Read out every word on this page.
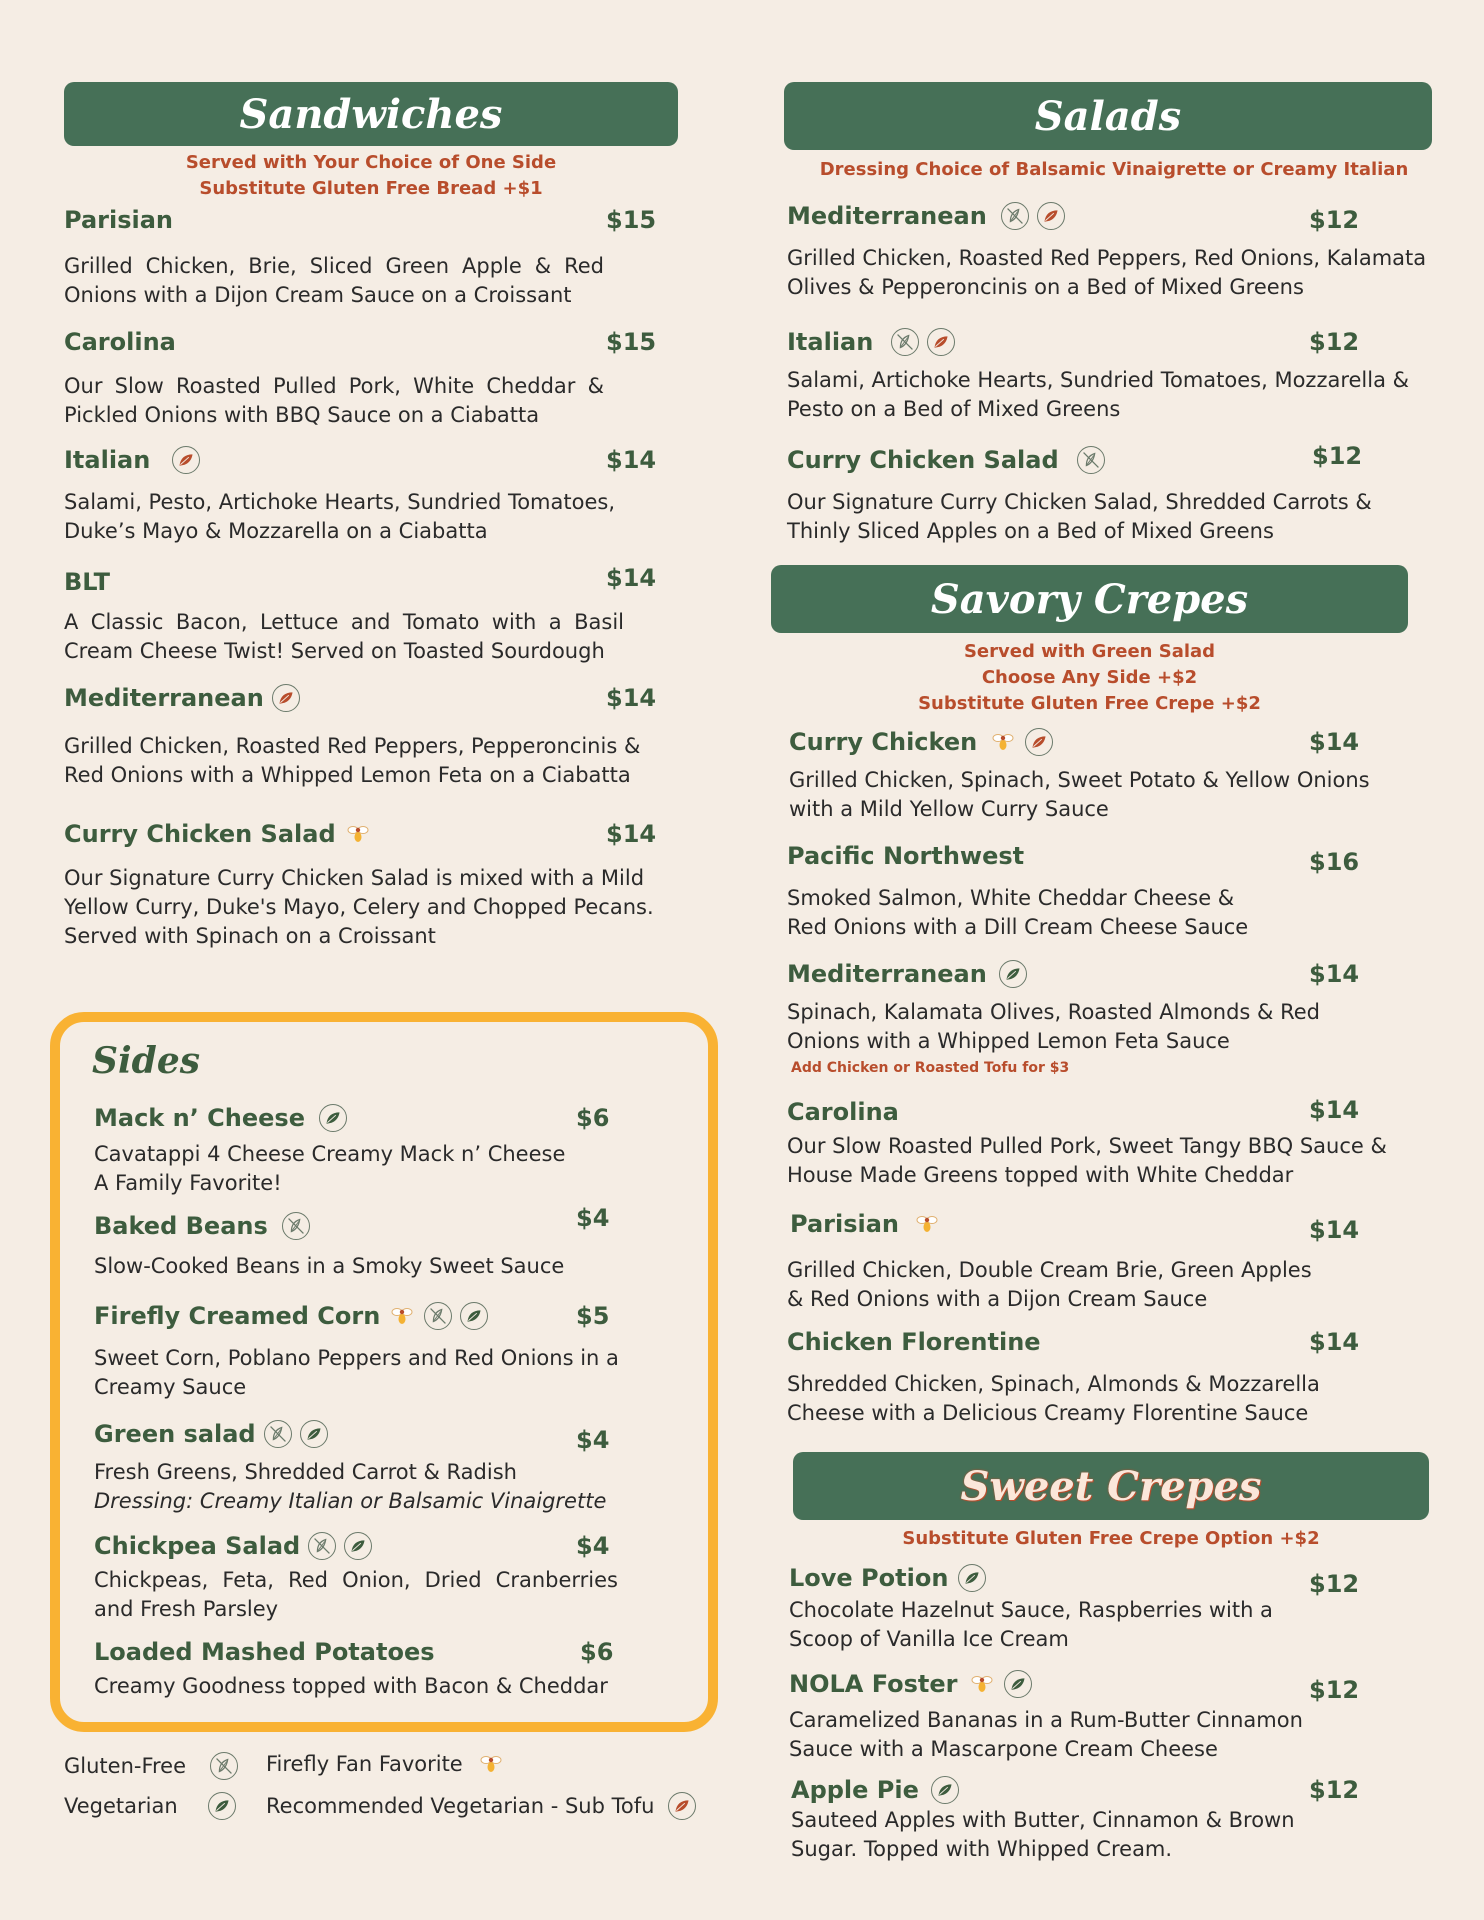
Sandwiches
Served with Your Choice of One Side
Substitute Gluten Free Bread +$1
Parisian	$15
Grilled Chicken, Brie, Sliced Green Apple & Red Onions with a Dijon Cream Sauce on a Croissant
Carolina	$15
Our Slow Roasted Pulled Pork, White Cheddar & Pickled Onions with BBQ Sauce on a Ciabatta
Italian	$14
Salami, Pesto, Artichoke Hearts, Sundried Tomatoes, Duke’s Mayo & Mozzarella on a Ciabatta
BLT	$14
A Classic Bacon, Lettuce and Tomato with a Basil Cream Cheese Twist! Served on Toasted Sourdough
Mediterranean	$14
Grilled Chicken, Roasted Red Peppers, Pepperoncinis & Red Onions with a Whipped Lemon Feta on a Ciabatta
Curry Chicken Salad	$14
Our Signature Curry Chicken Salad is mixed with a Mild Yellow Curry, Duke's Mayo, Celery and Chopped Pecans. Served with Spinach on a Croissant
Sides
Mack n’ Cheese	$6
Cavatappi 4 Cheese Creamy Mack n’ Cheese
A Family Favorite!
Baked Beans	$4
Slow-Cooked Beans in a Smoky Sweet Sauce
Firefly Creamed Corn	$5
Sweet Corn, Poblano Peppers and Red Onions in a Creamy Sauce
Green salad	$4
Fresh Greens, Shredded Carrot & Radish
Dressing: Creamy Italian or Balsamic Vinaigrette
Chickpea Salad	$4
Chickpeas, Feta, Red Onion, Dried Cranberries and Fresh Parsley
Loaded Mashed Potatoes	$6
Creamy Goodness topped with Bacon & Cheddar
Gluten-Free
Vegetarian
Firefly Fan Favorite
Recommended Vegetarian - Sub Tofu
Salads
Dressing Choice of Balsamic Vinaigrette or Creamy Italian
Mediterranean	$12
Grilled Chicken, Roasted Red Peppers, Red Onions, Kalamata Olives & Pepperoncinis on a Bed of Mixed Greens
Italian	$12
Salami, Artichoke Hearts, Sundried Tomatoes, Mozzarella & Pesto on a Bed of Mixed Greens
Curry Chicken Salad	$12
Our Signature Curry Chicken Salad, Shredded Carrots & Thinly Sliced Apples on a Bed of Mixed Greens
Savory Crepes
Served with Green Salad
Choose Any Side +$2
Substitute Gluten Free Crepe +$2
Curry Chicken	$14
Grilled Chicken, Spinach, Sweet Potato & Yellow Onions with a Mild Yellow Curry Sauce
Pacific Northwest	$16
Smoked Salmon, White Cheddar Cheese & Red Onions with a Dill Cream Cheese Sauce
Mediterranean	$14
Spinach, Kalamata Olives, Roasted Almonds & Red Onions with a Whipped Lemon Feta Sauce
Add Chicken or Roasted Tofu for $3
Carolina	$14
Our Slow Roasted Pulled Pork, Sweet Tangy BBQ Sauce & House Made Greens topped with White Cheddar
Parisian	$14
Grilled Chicken, Double Cream Brie, Green Apples & Red Onions with a Dijon Cream Sauce
Chicken Florentine	$14
Shredded Chicken, Spinach, Almonds & Mozzarella Cheese with a Delicious Creamy Florentine Sauce
Sweet Crepes
Substitute Gluten Free Crepe Option +$2
Love Potion	$12
Chocolate Hazelnut Sauce, Raspberries with a Scoop of Vanilla Ice Cream
NOLA Foster	$12
Caramelized Bananas in a Rum-Butter Cinnamon Sauce with a Mascarpone Cream Cheese
Apple Pie	$12
Sauteed Apples with Butter, Cinnamon & Brown Sugar. Topped with Whipped Cream.
